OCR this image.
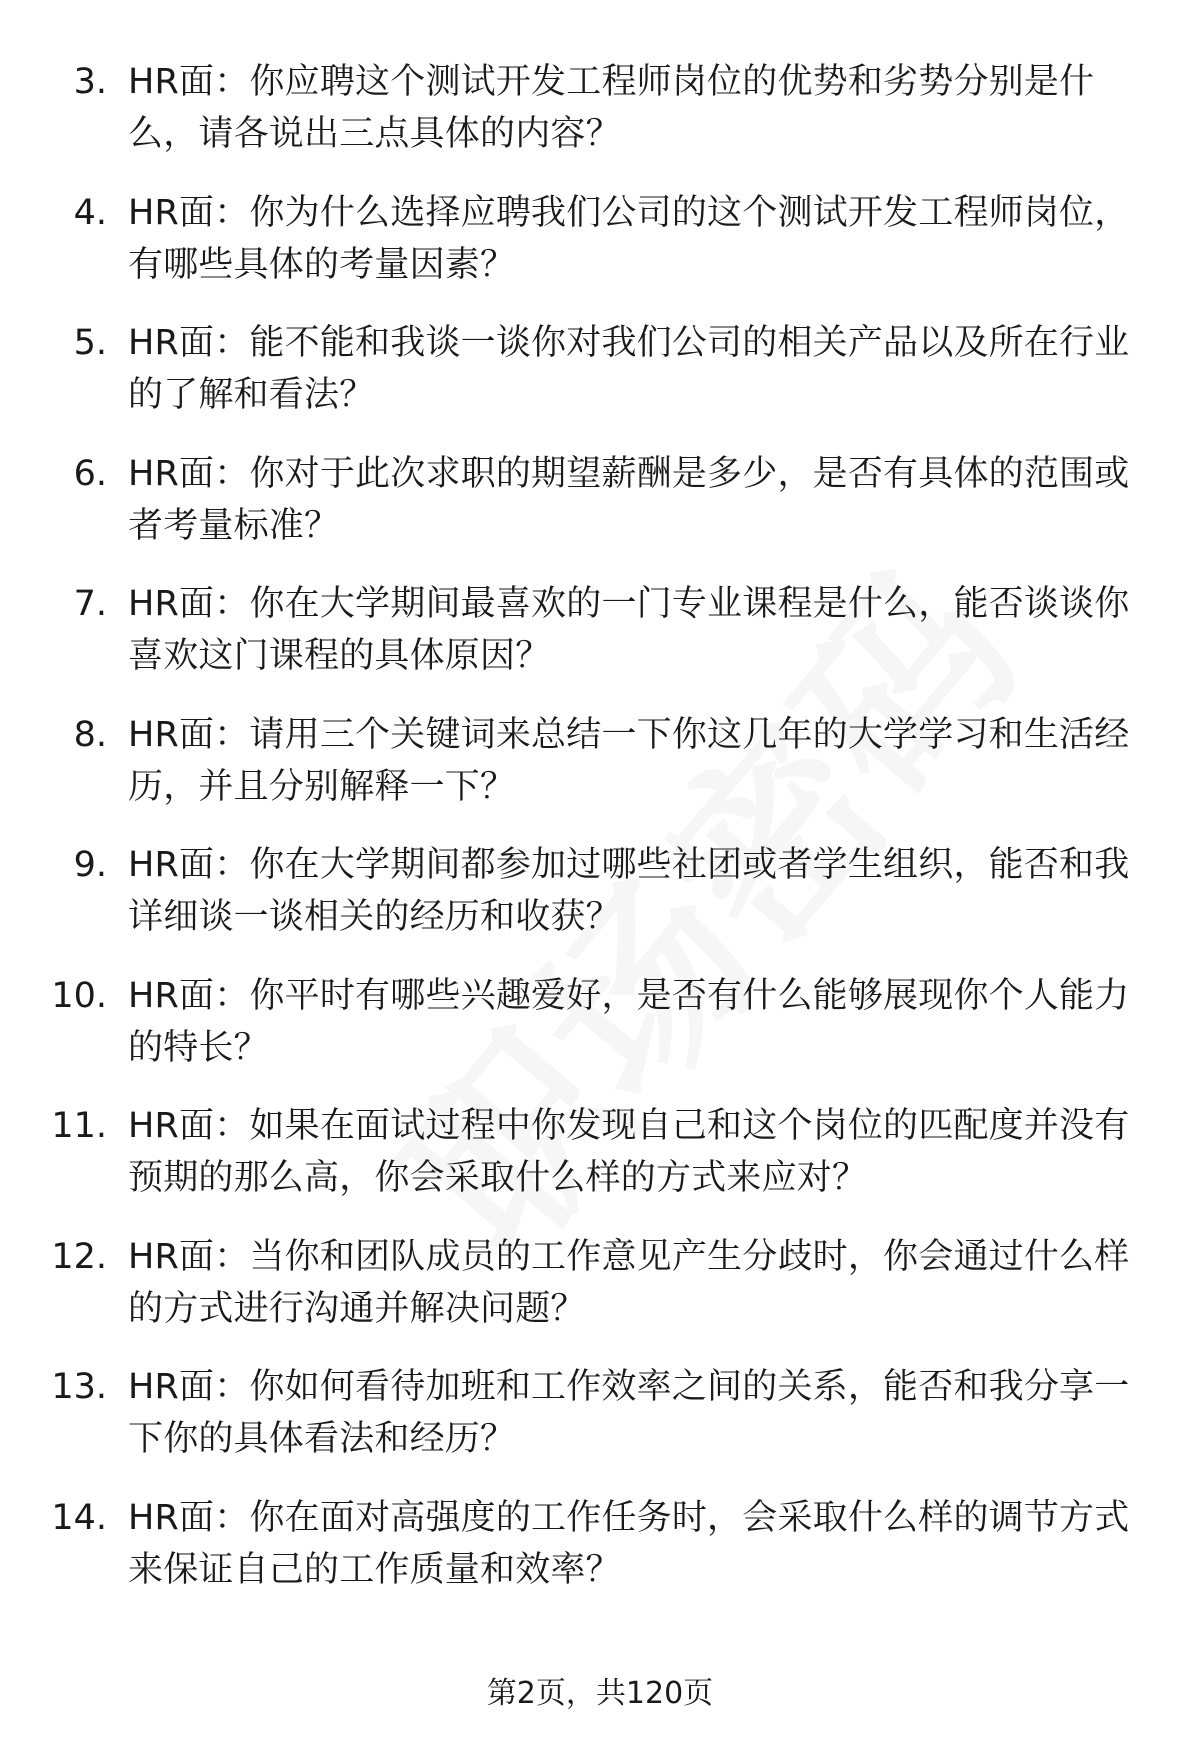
3. HR面：你应聘这个测试开发工程师岗位的优势和劣势分别是什么，请各说出三点具体的内容？
4. HR面：你为什么选择应聘我们公司的这个测试开发工程师岗位，有哪些具体的考量因素？
5. HR面：能不能和我谈一谈你对我们公司的相关产品以及所在行业的了解和看法？
6. HR面：你对于此次求职的期望薪酬是多少，是否有具体的范围或者考量标准？
7. HR面：你在大学期间最喜欢的一门专业课程是什么，能否谈谈你喜欢这门课程的具体原因？
8. HR面：请用三个关键词来总结一下你这几年的大学学习和生活经历，并且分别解释一下？
9. HR面：你在大学期间都参加过哪些社团或者学生组织，能否和我详细谈一谈相关的经历和收获？
10. HR面：你平时有哪些兴趣爱好，是否有什么能够展现你个人能力的特长？
11. HR面：如果在面试过程中你发现自己和这个岗位的匹配度并没有预期的那么高，你会采取什么样的方式来应对？
12. HR面：当你和团队成员的工作意见产生分歧时，你会通过什么样的方式进行沟通并解决问题？
13. HR面：你如何看待加班和工作效率之间的关系，能否和我分享一下你的具体看法和经历？
14. HR面：你在面对高强度的工作任务时，会采取什么样的调节方式来保证自己的工作质量和效率？
第2页，共120页
